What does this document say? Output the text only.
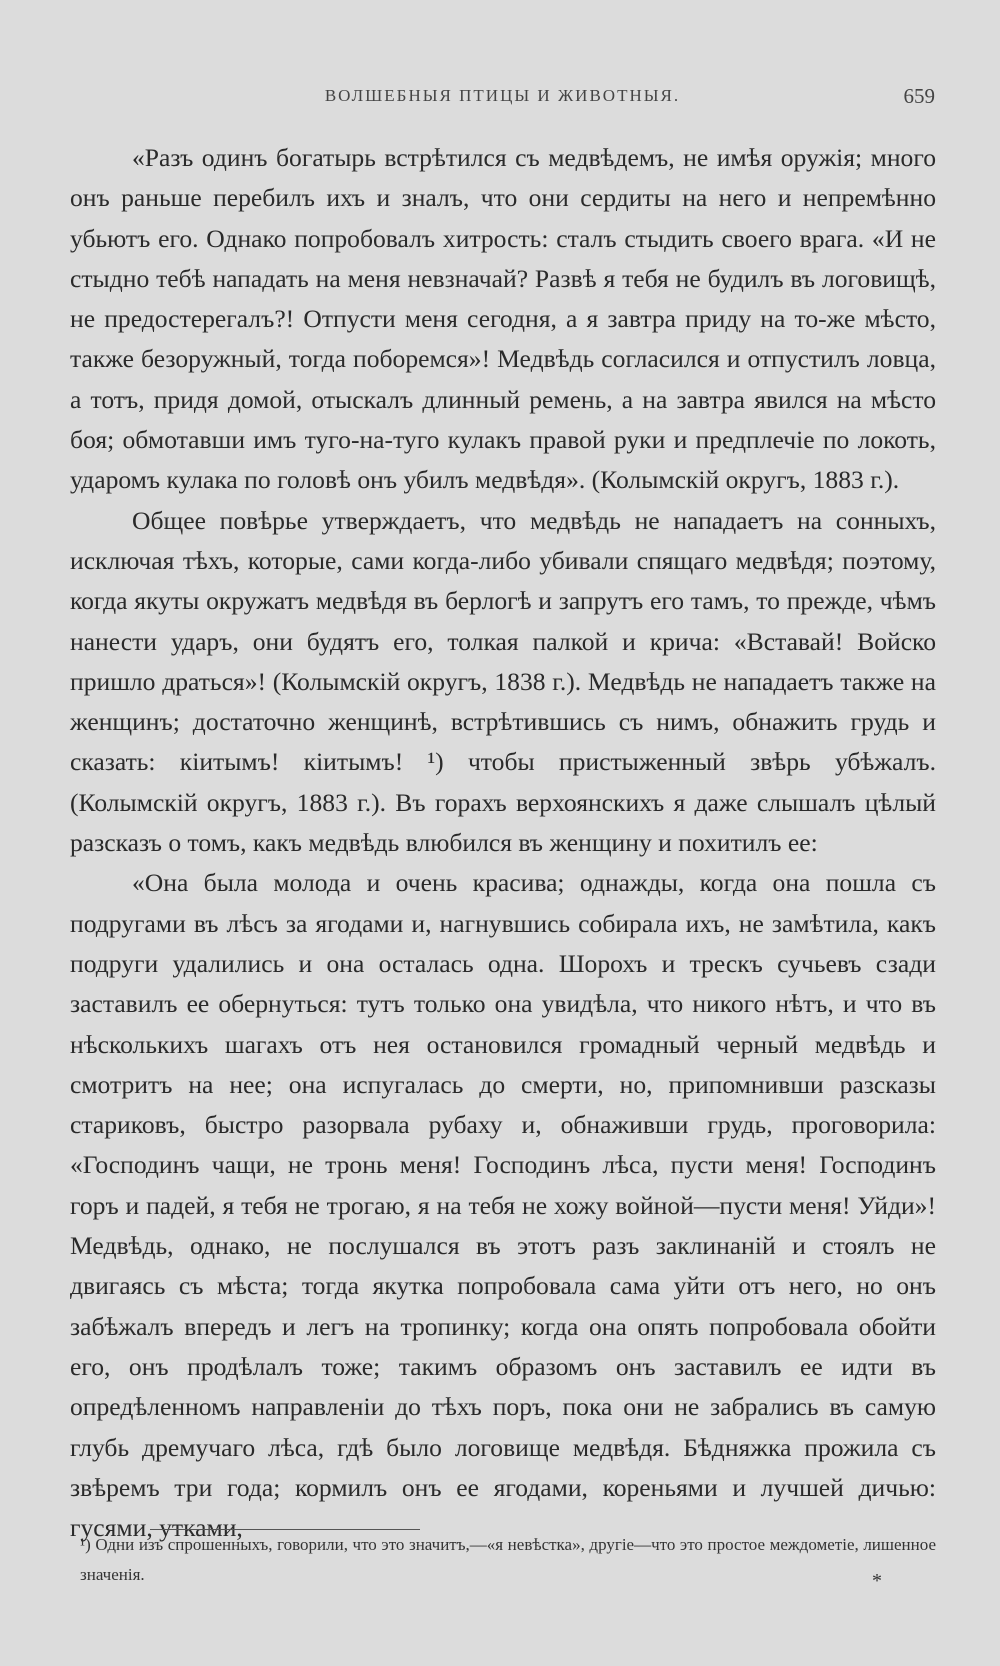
ВОЛШЕБНЫЯ ПТИЦЫ И ЖИВОТНЫЯ.	659

«Разъ одинъ богатырь встрѣтился съ медвѣдемъ, не имѣя оружія; много онъ раньше перебилъ ихъ и зналъ, что они сердиты на него и непремѣнно убьютъ его. Однако попробовалъ хитрость: сталъ стыдить своего врага. «И не стыдно тебѣ нападать на меня невзначай? Развѣ я тебя не будилъ въ логовищѣ, не предостерегалъ?! Отпусти меня сегодня, а я завтра приду на то-же мѣсто, также безоружный, тогда поборемся»! Медвѣдь согласился и отпустилъ ловца, а тотъ, придя домой, отыскалъ длинный ремень, а на завтра явился на мѣсто боя; обмотавши имъ туго-на-туго кулакъ правой руки и предплечіе по локоть, ударомъ кулака по головѣ онъ убилъ медвѣдя». (Колымскій округъ, 1883 г.).

Общее повѣрье утверждаетъ, что медвѣдь не нападаетъ на сонныхъ, исключая тѣхъ, которые, сами когда-либо убивали спящаго медвѣдя; поэтому, когда якуты окружатъ медвѣдя въ берлогѣ и запрутъ его тамъ, то прежде, чѣмъ нанести ударъ, они будятъ его, толкая палкой и крича: «Вставай! Войско пришло драться»! (Колымскій округъ, 1838 г.). Медвѣдь не нападаетъ также на женщинъ; достаточно женщинѣ, встрѣтившись съ нимъ, обнажить грудь и сказать: кіитымъ! кіитымъ! ¹) чтобы пристыженный звѣрь убѣжалъ. (Колымскій округъ, 1883 г.). Въ горахъ верхоянскихъ я даже слышалъ цѣлый разсказъ о томъ, какъ медвѣдь влюбился въ женщину и похитилъ ее:

«Она была молода и очень красива; однажды, когда она пошла съ подругами въ лѣсъ за ягодами и, нагнувшись собирала ихъ, не замѣтила, какъ подруги удалились и она осталась одна. Шорохъ и трескъ сучьевъ сзади заставилъ ее обернуться: тутъ только она увидѣла, что никого нѣтъ, и что въ нѣсколькихъ шагахъ отъ нея остановился громадный черный медвѣдь и смотритъ на нее; она испугалась до смерти, но, припомнивши разсказы стариковъ, быстро разорвала рубаху и, обнаживши грудь, проговорила: «Господинъ чащи, не тронь меня! Господинъ лѣса, пусти меня! Господинъ горъ и падей, я тебя не трогаю, я на тебя не хожу войной—пусти меня! Уйди»! Медвѣдь, однако, не послушался въ этотъ разъ заклинаній и стоялъ не двигаясь съ мѣста; тогда якутка попробовала сама уйти отъ него, но онъ забѣжалъ впередъ и легъ на тропинку; когда она опять попробовала обойти его, онъ продѣлалъ тоже; такимъ образомъ онъ заставилъ ее идти въ опредѣленномъ направленіи до тѣхъ поръ, пока они не забрались въ самую глубь дремучаго лѣса, гдѣ было логовище медвѣдя. Бѣдняжка прожила съ звѣремъ три года; кормилъ онъ ее ягодами, кореньями и лучшей дичью: гусями, утками,

¹) Одни изъ спрошенныхъ, говорили, что это значитъ,—«я невѣстка», другіе—что это простое междометіе, лишенное значенія.	*
